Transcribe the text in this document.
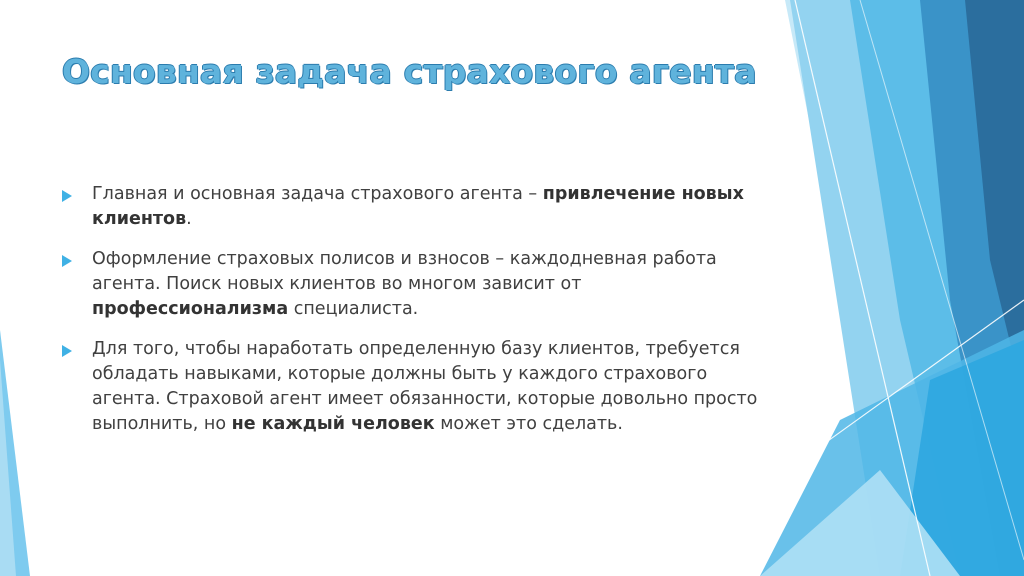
Основная задача страхового агента
Главная и основная задача страхового агента – привлечение новых клиентов.
Оформление страховых полисов и взносов – каждодневная работа агента. Поиск новых клиентов во многом зависит от профессионализма специалиста.
Для того, чтобы наработать определенную базу клиентов, требуется обладать навыками, которые должны быть у каждого страхового агента. Страховой агент имеет обязанности, которые довольно просто выполнить, но не каждый человек может это сделать.
